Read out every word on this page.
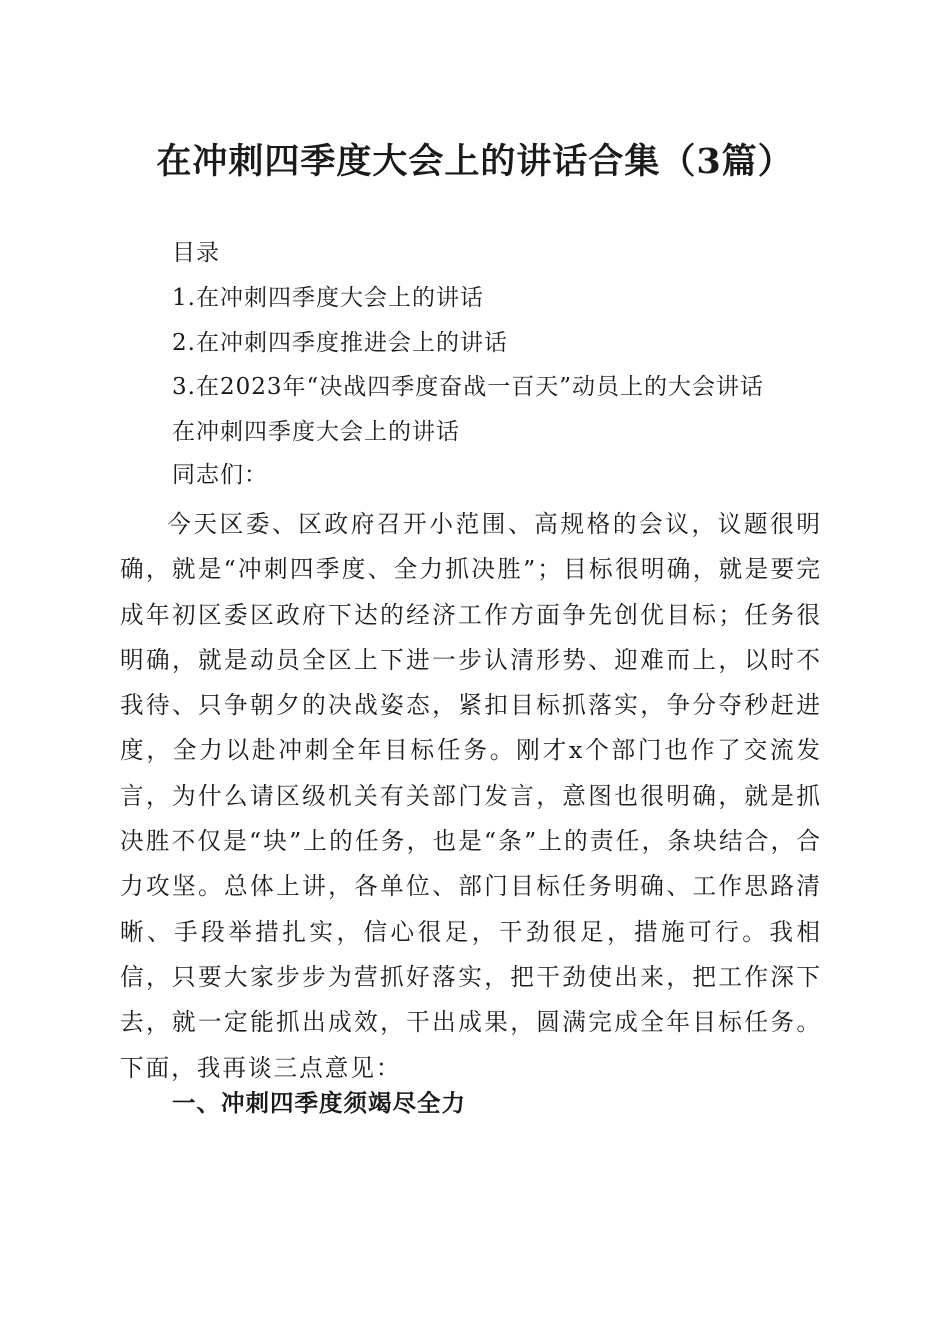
在冲刺四季度大会上的讲话合集（3篇）
目录
1.在冲刺四季度大会上的讲话
2.在冲刺四季度推进会上的讲话
3.在2023年“决战四季度奋战一百天”动员上的大会讲话
在冲刺四季度大会上的讲话
同志们：

今天区委、区政府召开小范围、高规格的会议，议题很明确，就是“冲刺四季度、全力抓决胜”；目标很明确，就是要完成年初区委区政府下达的经济工作方面争先创优目标；任务很明确，就是动员全区上下进一步认清形势、迎难而上，以时不我待、只争朝夕的决战姿态，紧扣目标抓落实，争分夺秒赶进度，全力以赴冲刺全年目标任务。刚才x个部门也作了交流发言，为什么请区级机关有关部门发言，意图也很明确，就是抓决胜不仅是“块”上的任务，也是“条”上的责任，条块结合，合力攻坚。总体上讲，各单位、部门目标任务明确、工作思路清晰、手段举措扎实，信心很足，干劲很足，措施可行。我相信，只要大家步步为营抓好落实，把干劲使出来，把工作深下去，就一定能抓出成效，干出成果，圆满完成全年目标任务。下面，我再谈三点意见：

一、冲刺四季度须竭尽全力
